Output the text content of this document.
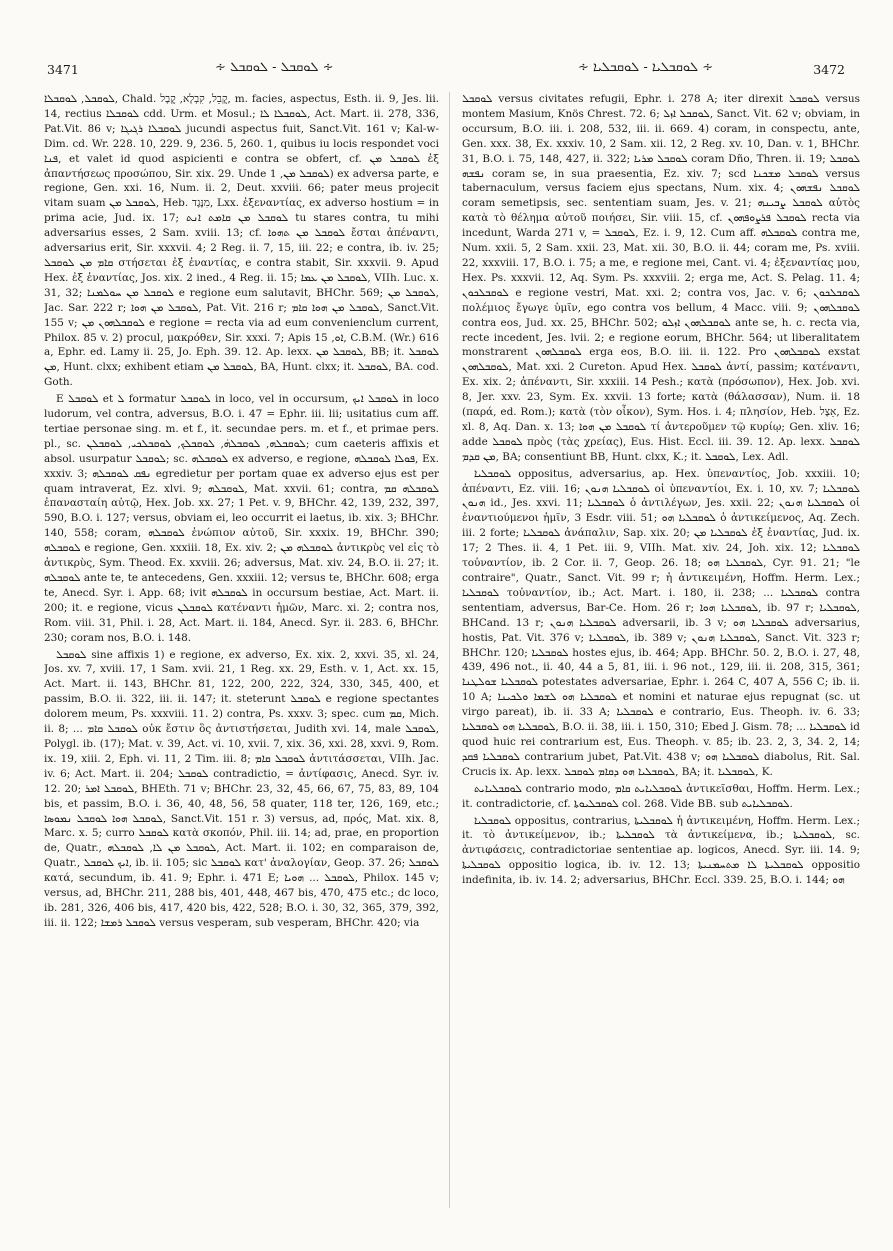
3471	∻ ܠܘܩܒܠ - ܠܘܩܒܠ ∻	∻ ܠܘܩܒܠܝܐ - ܠܘܩܒܠܝܐ ∻	3472

ܠܘܩܒܠ, ܠܘܩܒܠܐ, Chald. קֳבֵל, קִבְלָא, קֳבָל, m. facies, aspectus, Esth. ii. 9, Jes. lii. 14, rectius ܠܘܩܒܠܐ cdd. Urm. et Mosul.; ܠܘܩܒܠܐ ܠܐ, Act. Mart. ii. 278, 336, Pat.Vit. 86 v; ܠܘܩܒܠܐ ܪܓܝܓܐ jucundi aspectus fuit, Sanct.Vit. 161 v; Kal-w-Dim. cd. Wr. 228. 10, 229. 9, 236. 5, 260. 1, quibus iu locis respondet voci ܦܢܐ, et valet id quod aspicienti e contra se obfert, cf. ܠܘܩܒܠ ܡܢ ἐξ ἀπαντήσεως προσώπου, Sir. xix. 29. Unde ܠܘܩܒܠ ܡܢ, 1) ex adversa parte, e regione, Gen. xxi. 16, Num. ii. 2, Deut. xxviii. 66; pater meus projecit vitam suam ܠܘܩܒܠ ܡܢ, Heb. מִנֶּגֶד, Lxx. ἐξεναντίας, ex adverso hostium = in prima acie, Jud. ix. 17; ܠܘܩܒܠ ܡܢ ܩܐܡܬ ܐܢܬ tu stares contra, tu mihi adversarius esses, 2 Sam. xviii. 13; cf. ܠܘܩܒܠ ܡܢ ܬܗܘܐ ἔσται ἀπέναντι, adversarius erit, Sir. xxxvii. 4; 2 Reg. ii. 7, 15, iii. 22; e contra, ib. iv. 25; ܩܐܡ ܡܢ ܠܘܩܒܠ στήσεται ἐξ ἐναντίας, e contra stabit, Sir. xxxvii. 9. Apud Hex. ἐξ ἐναντίας, Jos. xix. 2 ined., 4 Reg. ii. 15; ܠܘܩܒܠ ܡܢ ܥܡܐ, VIIh. Luc. x. 31, 32; ܠܘܩܒܠ ܡܢ ܚܘܠܡܢܐ e regione eum salutavit, BHChr. 569; ܠܘܩܒܠ ܡܢ, Jac. Sar. 222 r; ܠܘܩܒܠ ܡܢ ܗܘܐ, Pat. Vit. 216 r; ܠܘܩܒܠ ܡܢ ܗܘܐ ܩܐܡ, Sanct.Vit. 155 v; ܠܘܩܒܠܗܘܢ ܡܢ e regione = recta via ad eum convenienclum current, Philox. 85 v. 2) procul, μακρόθεν, Sir. xxxi. 7; Apis ܐܘ, 15, C.B.M. (Wr.) 616 a, Ephr. ed. Lamy ii. 25, Jo. Eph. 39. 12. Ap. lexx. ܠܘܩܒܠ ܡܢ, BB; it. ܠܘܩܒܠ ܡܢ, Hunt. clxx; exhibent etiam ܠܘܩܒܠ ܡܢ, BA, Hunt. clxx; it. ܠܘܩܒܠ, BA. cod. Goth.

E ܠܘܩܒܠ et ܠ formatur ܠܘܩܒܠ in loco, vel in occursum, ܠܘܩܒܠ ܐܝܟ in loco ludorum, vel contra, adversus, B.O. i. 47 = Ephr. iii. lii; usitatius cum aff. tertiae personae sing. m. et f., it. secundae pers. m. et f., et primae pers. pl., sc. ܠܘܩܒܠܗ, ܠܘܩܒܠܗ̇, ܠܘܩܒܠܟ, ܠܘܩܒܠܟܝ, ܠܘܩܒܠܢ; cum caeteris affixis et absol. usurpatur ܠܘܩܒܠ; sc. ܠܘܩܒܠܗ ex adverso, e regione, ܦܘܠܐ ܠܘܩܒܠܗ, Ex. xxxiv. 3; ܢܦܩ ܠܘܩܒܠܗ egredietur per portam quae ex adverso ejus est per quam intraverat, Ez. xlvi. 9; ܠܘܩܒܠܗ, Mat. xxvii. 61; contra, ܠܘܩܒܠܗ ܩܡ ἐπανασταίη αὐτῷ, Hex. Job. xx. 27; 1 Pet. v. 9, BHChr. 42, 139, 232, 397, 590, B.O. i. 127; versus, obviam ei, leo occurrit ei laetus, ib. xix. 3; BHChr. 140, 558; coram, ܠܘܩܒܠܗ ἐνώπιον αὐτοῦ, Sir. xxxix. 19, BHChr. 390; ܠܘܩܒܠܗ e regione, Gen. xxxiii. 18, Ex. xiv. 2; ܠܘܩܒܠܗ ܡܢ ἀντικρὺς vel εἰς τὸ ἀντικρὺς, Sym. Theod. Ex. xxviii. 26; adversus, Mat. xiv. 24, B.O. ii. 27; it. ܠܘܩܒܠܗ ante te, te antecedens, Gen. xxxiii. 12; versus te, BHChr. 608; erga te, Anecd. Syr. i. App. 68; ivit ܠܘܩܒܠܗ in occursum bestiae, Act. Mart. ii. 200; it. e regione, vicus ܠܘܩܒܠܢ κατέναντι ἡμῶν, Marc. xi. 2; contra nos, Rom. viii. 31, Phil. i. 28, Act. Mart. ii. 184, Anecd. Syr. ii. 283. 6, BHChr. 230; coram nos, B.O. i. 148.

ܠܘܩܒܠ sine affixis 1) e regione, ex adverso, Ex. xix. 2, xxvi. 35, xl. 24, Jos. xv. 7, xviii. 17, 1 Sam. xvii. 21, 1 Reg. xx. 29, Esth. v. 1, Act. xx. 15, Act. Mart. ii. 143, BHChr. 81, 122, 200, 222, 324, 330, 345, 400, et passim, B.O. ii. 322, iii. ii. 147; it. steterunt ܠܘܩܒܠ e regione spectantes dolorem meum, Ps. xxxviii. 11. 2) contra, Ps. xxxv. 3; spec. cum ܩܡ, Mich. ii. 8; ... ܠܘܩܒܠ ܩܐܡ οὐκ ἔστιν ὃς ἀντιστήσεται, Judith xvi. 14, male ܠܘܩܒܠ, Polygl. ib. (17); Mat. v. 39, Act. vi. 10, xvii. 7, xix. 36, xxi. 28, xxvi. 9, Rom. ix. 19, xiii. 2, Eph. vi. 11, 2 Tim. iii. 8; ܠܘܩܒܠ ܩܐܡ ἀντιτάσσεται, VIIh. Jac. iv. 6; Act. Mart. ii. 204; ܠܘܩܒܠ contradictio, = ἀντίφασις, Anecd. Syr. iv. 12. 20; ܠܘܩܒܠ ܐܡܪ, BHEth. 71 v; BHChr. 23, 32, 45, 66, 67, 75, 83, 89, 104 bis, et passim, B.O. i. 36, 40, 48, 56, 58 quater, 118 ter, 126, 169, etc.; ܠܘܩܒܠ ܗܘܐ ܠܘܩܒܠ ܢܡܘܣܐ, Sanct.Vit. 151 r. 3) versus, ad, πρός, Mat. xix. 8, Marc. x. 5; curro ܠܘܩܒܠ κατὰ σκοπόν, Phil. iii. 14; ad, prae, en proportion de, Quatr., ܠܘܩܒܠ ܡܢ ܠܐ, ܠܘܩܒܠܗ, Act. Mart. ii. 102; en comparaison de, Quatr., ܐܝܟ ܠܘܩܒܠ, ib. ii. 105; sic ܠܘܩܒܠ κατ' ἀναλογίαν, Geop. 37. 26; ܠܘܩܒܠ κατά, secundum, ib. 41. 9; Ephr. i. 471 E; ܠܘܩܒܠ ... ܗܘܝܐ, Philox. 145 v; versus, ad, BHChr. 211, 288 bis, 401, 448, 467 bis, 470, 475 etc.; dc loco, ib. 281, 326, 406 bis, 417, 420 bis, 422, 528; B.O. i. 30, 32, 365, 379, 392, iii. ii. 122; ܠܘܩܒܠ ܪܡܫܐ versus vesperam, sub vesperam, BHChr. 420; via

ܠܘܩܒܠ versus civitates refugii, Ephr. i. 278 A; iter direxit ܠܘܩܒܠ versus montem Masium, Knös Chrest. 72. 6; ܠܘܩܒܠ ܐܙܠ, Sanct. Vit. 62 v; obviam, in occursum, B.O. iii. i. 208, 532, iii. ii. 669. 4) coram, in conspectu, ante, Gen. xxx. 38, Ex. xxxiv. 10, 2 Sam. xii. 12, 2 Reg. xv. 10, Dan. v. 1, BHChr. 31, B.O. i. 75, 148, 427, ii. 322; ܠܘܩܒܠ ܡܪܝܐ coram Dño, Thren. ii. 19; ܠܘܩܒܠ ܢܦܫܗ coram se, in sua praesentia, Ez. xiv. 7; scd ܠܘܩܒܠ ܡܫܟܢܐ versus tabernaculum, versus faciem ejus spectans, Num. xix. 4; ܠܘܩܒܠ ܢܦܫܗܘܢ coram semetipsis, sec. sententiam suam, Jes. v. 21; ܠܘܩܒܠ ܨܒܝܢܗ αὐτὸς κατὰ τὸ θέλημα αὐτοῦ ποιήσει, Sir. viii. 15, cf. ܠܘܩܒܠ ܦܪܨܘܦܗܘܢ recta via incedunt, Warda 271 v, = ܠܘܩܒܠ, Ez. i. 9, 12. Cum aff. ܠܘܩܒܠܗ contra me, Num. xxii. 5, 2 Sam. xxii. 23, Mat. xii. 30, B.O. ii. 44; coram me, Ps. xviii. 22, xxxviii. 17, B.O. i. 75; a me, e regione mei, Cant. vi. 4; ἐξεναντίας μου, Hex. Ps. xxxvii. 12, Aq. Sym. Ps. xxxviii. 2; erga me, Act. S. Pelag. 11. 4; ܠܘܩܒܠܟܘܢ e regione vestri, Mat. xxi. 2; contra vos, Jac. v. 6; ܠܘܩܒܠܟܘܢ πολέμιος ἔγωγε ὑμῖν, ego contra vos bellum, 4 Macc. viii. 9; ܠܘܩܒܠܗܘܢ contra eos, Jud. xx. 25, BHChr. 502; ܠܘܩܒܠܗܘܢ ܐܙܠܘ ante se, h. c. recta via, recte incedent, Jes. lvii. 2; e regione eorum, BHChr. 564; ut liberalitatem monstrarent ܠܘܩܒܠܗܘܢ erga eos, B.O. iii. ii. 122. Pro ܠܘܩܒܠܗܘܢ exstat ܠܘܩܒܠܗܘܢ, Mat. xxi. 2 Cureton. Apud Hex. ܠܘܩܒܠ ἀντί, passim; κατέναντι, Ex. xix. 2; ἀπέναντι, Sir. xxxiii. 14 Pesh.; κατὰ (πρόσωπον), Hex. Job. xvi. 8, Jer. xxv. 23, Sym. Ex. xxvii. 13 forte; κατὰ (θάλασσαν), Num. ii. 18 (παρά, ed. Rom.); κατὰ (τὸν οἶκον), Sym. Hos. i. 4; πλησίον, Heb. אֵצֶל, Ez. xl. 8, Aq. Dan. x. 13; ܠܘܩܒܠ ܡܢ ܗܘܐ τί ἀντεροῦμεν τῷ κυρίῳ; Gen. xliv. 16; adde ܠܘܩܒܠ πρὸς (τὰς χρείας), Eus. Hist. Eccl. iii. 39. 12. Ap. lexx. ܠܘܩܒܠ ܡܢ ܩܕܡ, BA; consentiunt BB, Hunt. clxx, K.; it. ܠܘܩܒܠ, Lex. Adl.

ܠܘܩܒܠܝܐ oppositus, adversarius, ap. Hex. ὑπεναντίος, Job. xxxiii. 10; ἀπέναντι, Ez. viii. 16; ܠܘܩܒܠܝܐ ܗܢܘܢ οἱ ὑπεναντίοι, Ex. i. 10, xv. 7; ܠܘܩܒܠܝܐ ܗܢܘܢ id., Jes. xxvi. 11; ܠܘܩܒܠܝܐ ὁ ἀντιλέγων, Jes. xxii. 22; ܠܘܩܒܠܝܐ ܗܢܘܢ οἱ ἐναντιούμενοι ἡμῖν, 3 Esdr. viii. 51; ܠܘܩܒܠܝܐ ܗܘ ὁ ἀντικείμενος, Aq. Zech. iii. 2 forte; ܠܘܩܒܠܝܐ ἀνάπαλιν, Sap. xix. 20; ܠܘܩܒܠܝܐ ܡܢ ἐξ ἐναντίας, Jud. ix. 17; 2 Thes. ii. 4, 1 Pet. iii. 9, VIIh. Mat. xiv. 24, Joh. xix. 12; ܠܘܩܒܠܝܐ τοὐναντίον, ib. 2 Cor. ii. 7, Geop. 26. 18; ܠܘܩܒܠܝܐ ܗܘ, Cyr. 91. 21; "le contraire", Quatr., Sanct. Vit. 99 r; ἡ ἀντικειμένη, Hoffm. Herm. Lex.; ܠܘܩܒܠܝܐ τοὐναντίον, ib.; Act. Mart. i. 180, ii. 238; ... ܠܘܩܒܠܝܐ contra sententiam, adversus, Bar-Ce. Hom. 26 r; ܠܘܩܒܠܝܐ ܗܘܐ, ib. 97 r; ܠܘܩܒܠܝܐ, BHCand. 13 r; ܠܘܩܒܠܝܐ ܗܢܘܢ adversarii, ib. 3 v; ܠܘܩܒܠܝܐ ܗܘ adversarius, hostis, Pat. Vit. 376 v; ܠܘܩܒܠܝܐ, ib. 389 v; ܠܘܩܒܠܝܐ ܗܢܘܢ, Sanct. Vit. 323 r; BHChr. 120; ܠܘܩܒܠܝܐ hostes ejus, ib. 464; App. BHChr. 50. 2, B.O. i. 27, 48, 439, 496 not., ii. 40, 44 a 5, 81, iii. i. 96 not., 129, iii. ii. 208, 315, 361; ܠܘܩܒܠܝܐ ܫܘܠܛܢܐ potestates adversariae, Ephr. i. 264 C, 407 A, 556 C; ib. ii. 10 A; ܠܘܩܒܠܝܐ ܗܘ ܠܫܡܐ ܘܠܟܝܢܐ et nomini et naturae ejus repugnat (sc. ut virgo pareat), ib. ii. 33 A; ܠܘܩܒܠܝܐ e contrario, Eus. Theoph. iv. 6. 33; ܠܘܩܒܠܝܐ ܗܘ ܠܘܩܒܠܝܐ, B.O. ii. 38, iii. i. 150, 310; Ebed J. Gism. 78; ... ܠܘܩܒܠܝܐ id quod huic rei contrarium est, Eus. Theoph. v. 85; ib. 23. 2, 3, 34. 2, 14; ܠܘܩܒܠܝܐ ܦܩܕ contrarium jubet, Pat.Vit. 438 v; ܠܘܩܒܠܝܐ ܗܘ diabolus, Rit. Sal. Crucis ix. Ap. lexx. ܠܘܩܒܠܝܐ ܗܘ ܕܩܐܡ ܠܘܩܒܠ, BA; it. ܠܘܩܒܠܝܐ, K.

ܠܘܩܒܠܝܐܝܬ contrario modo, ܠܘܩܒܠܝܐܝܬ ܩܐܡ ἀντικεῖσθαι, Hoffm. Herm. Lex.; it. contradictorie, cf. ܠܘܩܒܠܝܘܬܐ col. 268. Vide BB. sub ܠܘܩܒܠܝܐܝܬ.

ܠܘܩܒܠܝܐ oppositus, contrarius, ܠܘܩܒܠܝܬܐ ἡ ἀντικειμένη, Hoffm. Herm. Lex.; it. τὸ ἀντικείμενον, ib.; ܠܘܩܒܠܝܬܐ τὰ ἀντικείμενα, ib.; ܠܘܩܒܠܝܬܐ, sc. ἀντιφάσεις, contradictoriae sententiae ap. logicos, Anecd. Syr. iii. 14. 9; ܠܘܩܒܠܝܬܐ oppositio logica, ib. iv. 12. 13; ܠܘܩܒܠܝܬܐ ܠܐ ܡܬܚܡܢܝܬܐ oppositio indefinita, ib. iv. 14. 2; adversarius, BHChr. Eccl. 339. 25, B.O. i. 144; ܗܘ
